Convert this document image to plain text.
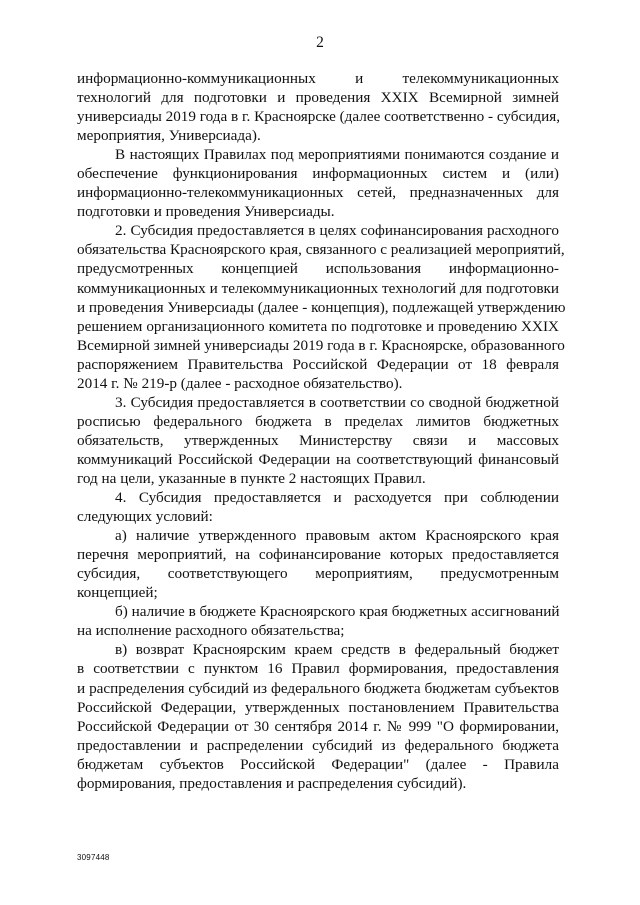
2
информационно-коммуникационных и телекоммуникационных
технологий для подготовки и проведения XXIX Всемирной зимней
универсиады 2019 года в г. Красноярске (далее соответственно - субсидия,
мероприятия, Универсиада).
В настоящих Правилах под мероприятиями понимаются создание и
обеспечение функционирования информационных систем и (или)
информационно-телекоммуникационных сетей, предназначенных для
подготовки и проведения Универсиады.
2. Субсидия предоставляется в целях софинансирования расходного
обязательства Красноярского края, связанного с реализацией мероприятий,
предусмотренных концепцией использования информационно-
коммуникационных и телекоммуникационных технологий для подготовки
и проведения Универсиады (далее - концепция), подлежащей утверждению
решением организационного комитета по подготовке и проведению XXIX
Всемирной зимней универсиады 2019 года в г. Красноярске, образованного
распоряжением Правительства Российской Федерации от 18 февраля
2014 г. № 219-р (далее - расходное обязательство).
3. Субсидия предоставляется в соответствии со сводной бюджетной
росписью федерального бюджета в пределах лимитов бюджетных
обязательств, утвержденных Министерству связи и массовых
коммуникаций Российской Федерации на соответствующий финансовый
год на цели, указанные в пункте 2 настоящих Правил.
4. Субсидия предоставляется и расходуется при соблюдении
следующих условий:
а) наличие утвержденного правовым актом Красноярского края
перечня мероприятий, на софинансирование которых предоставляется
субсидия, соответствующего мероприятиям, предусмотренным
концепцией;
б) наличие в бюджете Красноярского края бюджетных ассигнований
на исполнение расходного обязательства;
в) возврат Красноярским краем средств в федеральный бюджет
в соответствии с пунктом 16 Правил формирования, предоставления
и распределения субсидий из федерального бюджета бюджетам субъектов
Российской Федерации, утвержденных постановлением Правительства
Российской Федерации от 30 сентября 2014 г. № 999 "О формировании,
предоставлении и распределении субсидий из федерального бюджета
бюджетам субъектов Российской Федерации" (далее - Правила
формирования, предоставления и распределения субсидий).
3097448
